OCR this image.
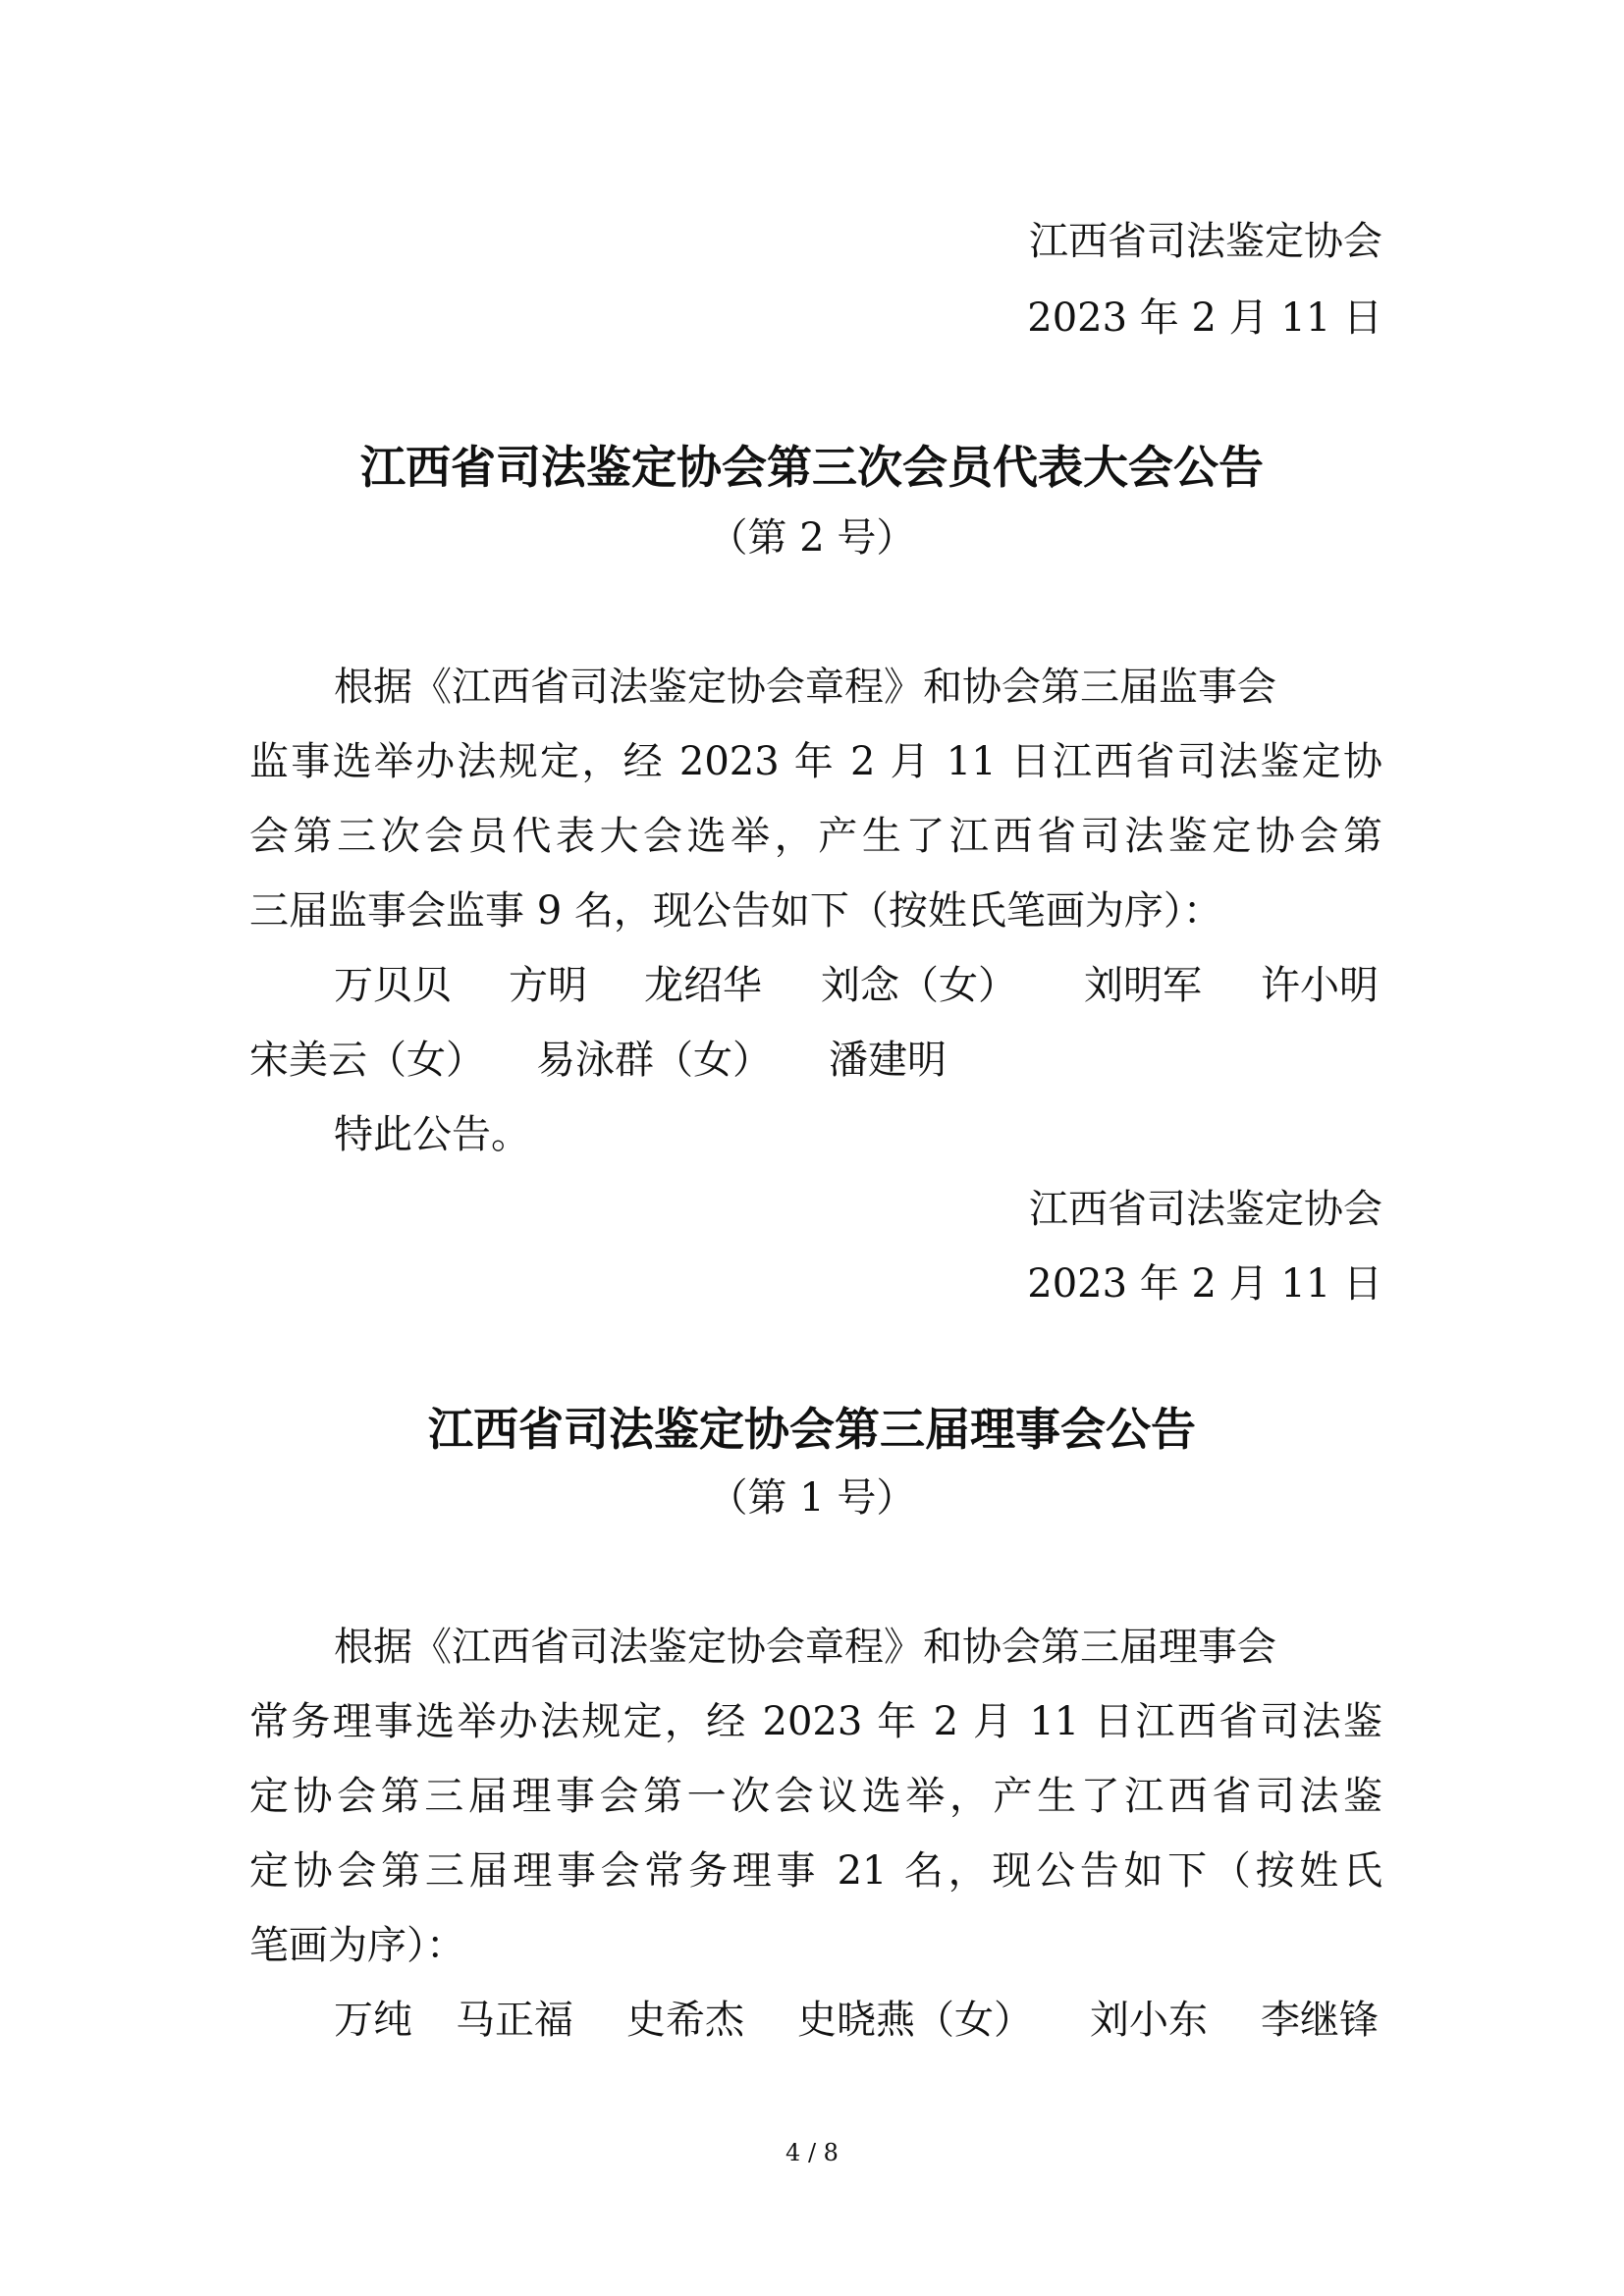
江西省司法鉴定协会
2023 年 2 月 11 日
江西省司法鉴定协会第三次会员代表大会公告
（第 2 号）
根据《江西省司法鉴定协会章程》和协会第三届监事会
监事选举办法规定，经 2023 年 2 月 11 日江西省司法鉴定协
会第三次会员代表大会选举，产生了江西省司法鉴定协会第
三届监事会监事 9 名，现公告如下（按姓氏笔画为序）：
万贝贝 方明 龙绍华 刘念（女） 刘明军 许小明
宋美云（女） 易泳群（女） 潘建明
特此公告。
江西省司法鉴定协会
2023 年 2 月 11 日
江西省司法鉴定协会第三届理事会公告
（第 1 号）
根据《江西省司法鉴定协会章程》和协会第三届理事会
常务理事选举办法规定，经 2023 年 2 月 11 日江西省司法鉴
定协会第三届理事会第一次会议选举，产生了江西省司法鉴
定协会第三届理事会常务理事 21 名，现公告如下（按姓氏
笔画为序）：
万纯 马正福 史希杰 史晓燕（女） 刘小东 李继锋
4 / 8
